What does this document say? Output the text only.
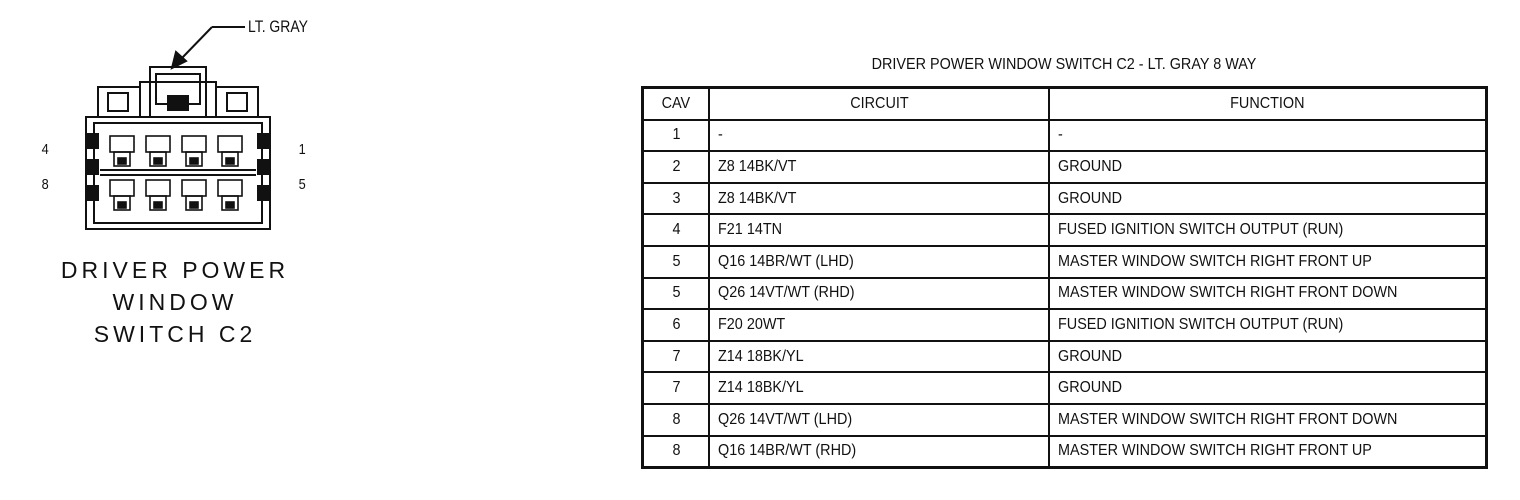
LT. GRAY
4
8
1
5
DRIVER POWER
WINDOW
SWITCH C2
DRIVER POWER WINDOW SWITCH C2 - LT. GRAY 8 WAY
CAV	CIRCUIT	FUNCTION
1	-	-
2	Z8 14BK/VT	GROUND
3	Z8 14BK/VT	GROUND
4	F21 14TN	FUSED IGNITION SWITCH OUTPUT (RUN)
5	Q16 14BR/WT (LHD)	MASTER WINDOW SWITCH RIGHT FRONT UP
5	Q26 14VT/WT (RHD)	MASTER WINDOW SWITCH RIGHT FRONT DOWN
6	F20 20WT	FUSED IGNITION SWITCH OUTPUT (RUN)
7	Z14 18BK/YL	GROUND
7	Z14 18BK/YL	GROUND
8	Q26 14VT/WT (LHD)	MASTER WINDOW SWITCH RIGHT FRONT DOWN
8	Q16 14BR/WT (RHD)	MASTER WINDOW SWITCH RIGHT FRONT UP
